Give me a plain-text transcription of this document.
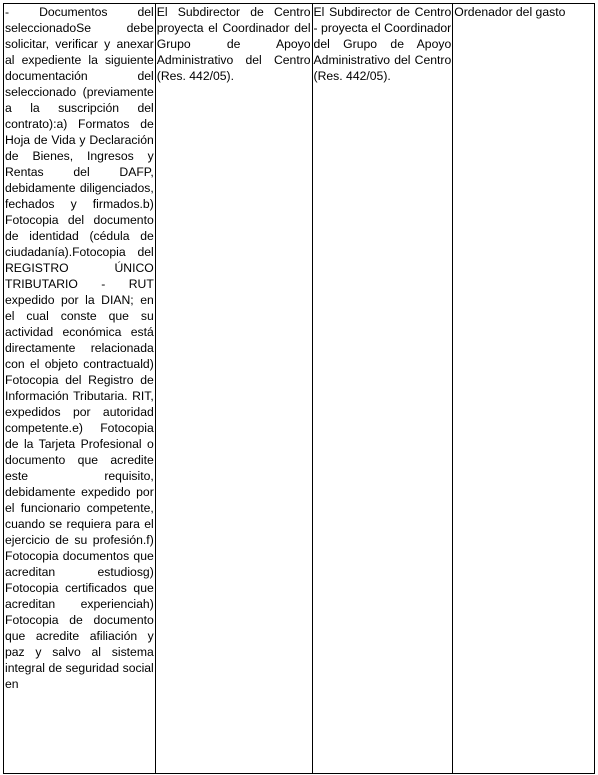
- Documentos del seleccionadoSe debe solicitar, verificar y anexar al expediente la siguiente documentación del seleccionado (previamente a la suscripción del contrato):a) Formatos de Hoja de Vida y Declaración de Bienes, Ingresos y Rentas del DAFP, debidamente diligenciados, fechados y firmados.b) Fotocopia del documento de identidad (cédula de ciudadanía).Fotocopia del REGISTRO ÚNICO TRIBUTARIO - RUT expedido por la DIAN; en el cual conste que su actividad económica está directamente relacionada con el objeto contractuald) Fotocopia del Registro de Información Tributaria. RIT, expedidos por autoridad competente.e) Fotocopia de la Tarjeta Profesional o documento que acredite este requisito, debidamente expedido por el funcionario competente, cuando se requiera para el ejercicio de su profesión.f) Fotocopia documentos que acreditan estudiosg) Fotocopia certificados que acreditan experienciah) Fotocopia de documento que acredite afiliación y paz y salvo al sistema integral de seguridad social en

El Subdirector de Centro proyecta el Coordinador del Grupo de Apoyo Administrativo del Centro (Res. 442/05).

El Subdirector de Centro - proyecta el Coordinador del Grupo de Apoyo Administrativo del Centro (Res. 442/05).

Ordenador del gasto
